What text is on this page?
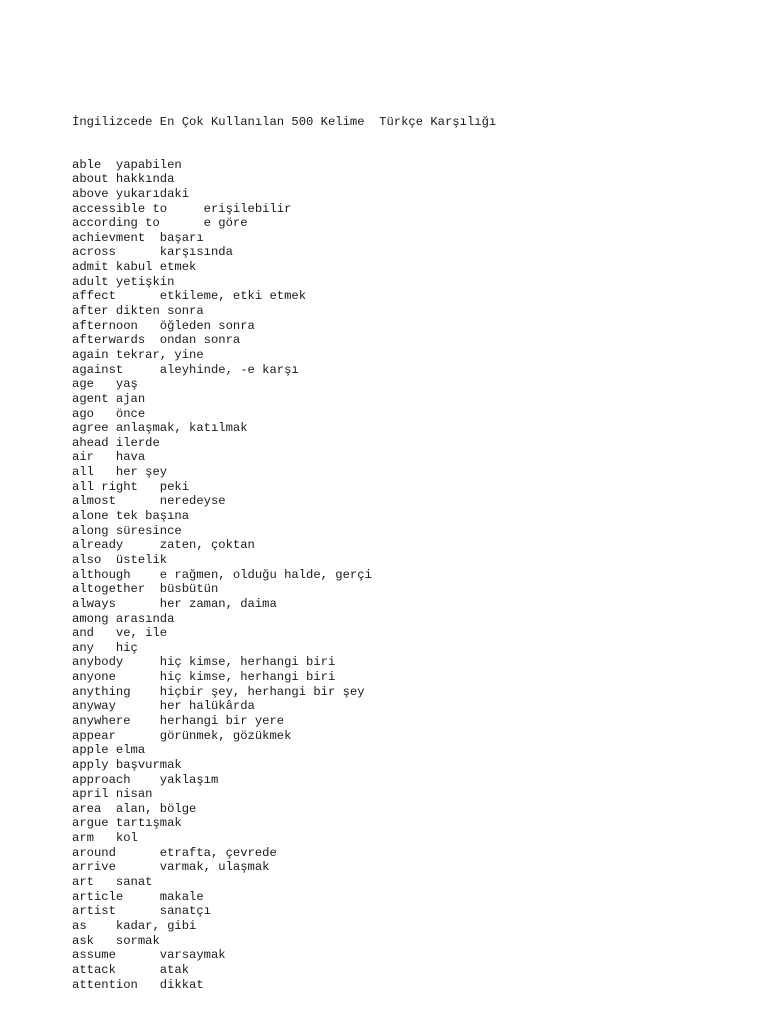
İngilizcede En Çok Kullanılan 500 Kelime  Türkçe Karşılığı

able yapabilen
about hakkında
above yukarıdaki
accessible to	erişilebilir
according to	e göre
achievment başarı
across	karşısında
admit kabul etmek
adult yetişkin
affect	etkileme, etki etmek
after dikten sonra
afternoon öğleden sonra
afterwards ondan sonra
again tekrar, yine
against	aleyhinde, -e karşı
age yaş
agent ajan
ago önce
agree anlaşmak, katılmak
ahead ilerde
air hava
all her şey
all right peki
almost	neredeyse
alone tek başına
along süresince
already	zaten, çoktan
also üstelik
although e rağmen, olduğu halde, gerçi
altogether büsbütün
always	her zaman, daima
among arasında
and ve, ile
any hiç
anybody	hiç kimse, herhangi biri
anyone	hiç kimse, herhangi biri
anything hiçbir şey, herhangi bir şey
anyway	her halükârda
anywhere herhangi bir yere
appear	görünmek, gözükmek
apple elma
apply başvurmak
approach yaklaşım
april nisan
area alan, bölge
argue tartışmak
arm kol
around	etrafta, çevrede
arrive	varmak, ulaşmak
art sanat
article	makale
artist	sanatçı
as kadar, gibi
ask sormak
assume	varsaymak
attack	atak
attention dikkat
